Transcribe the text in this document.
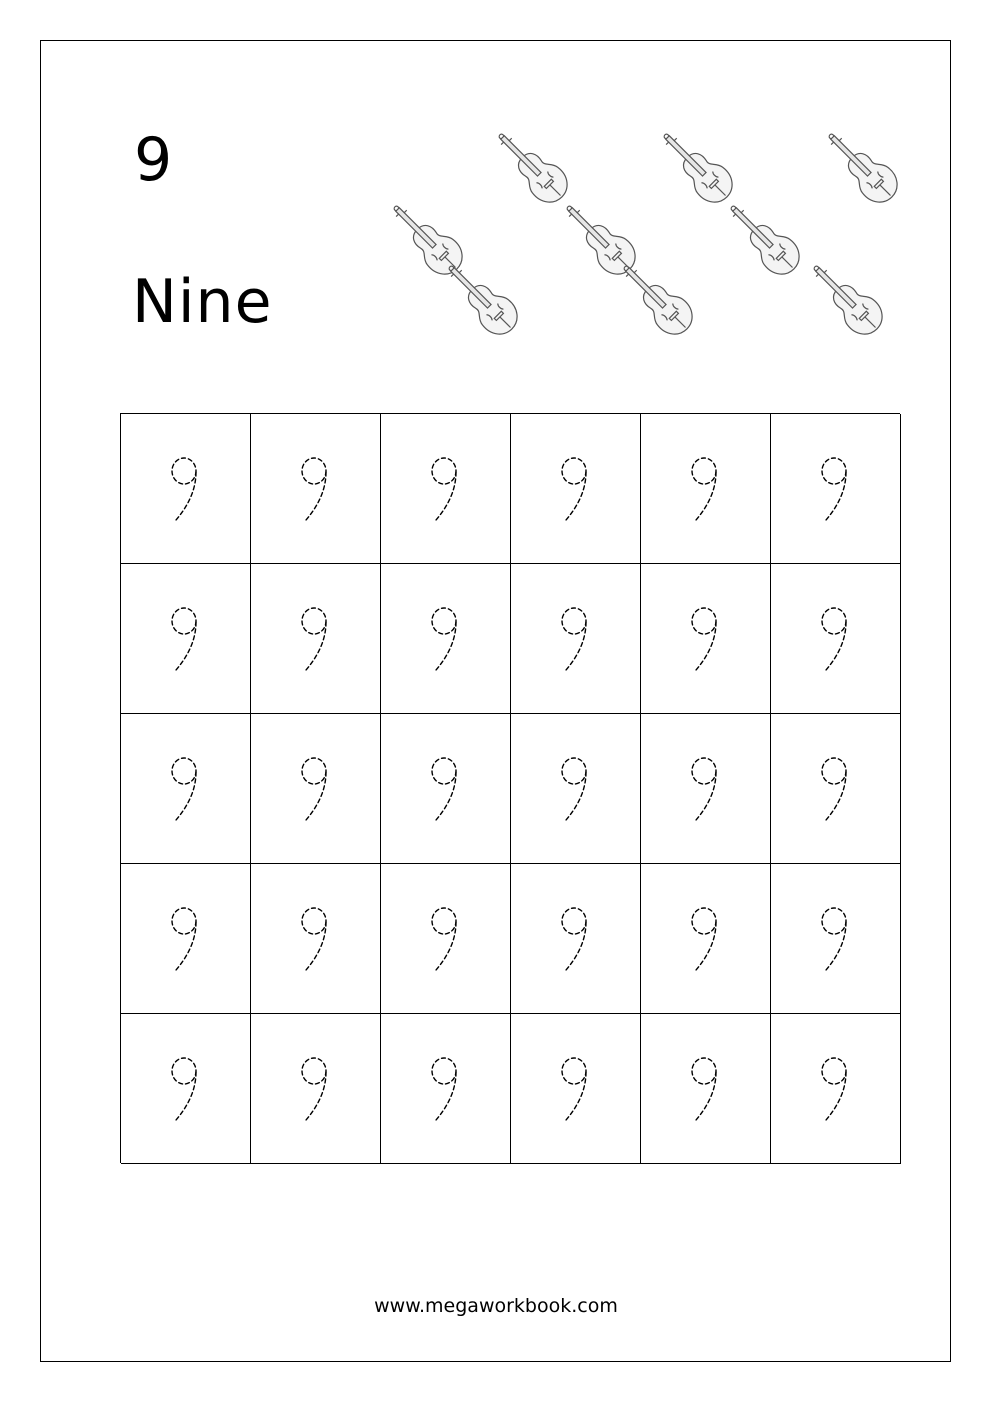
9
Nine
www.megaworkbook.com
